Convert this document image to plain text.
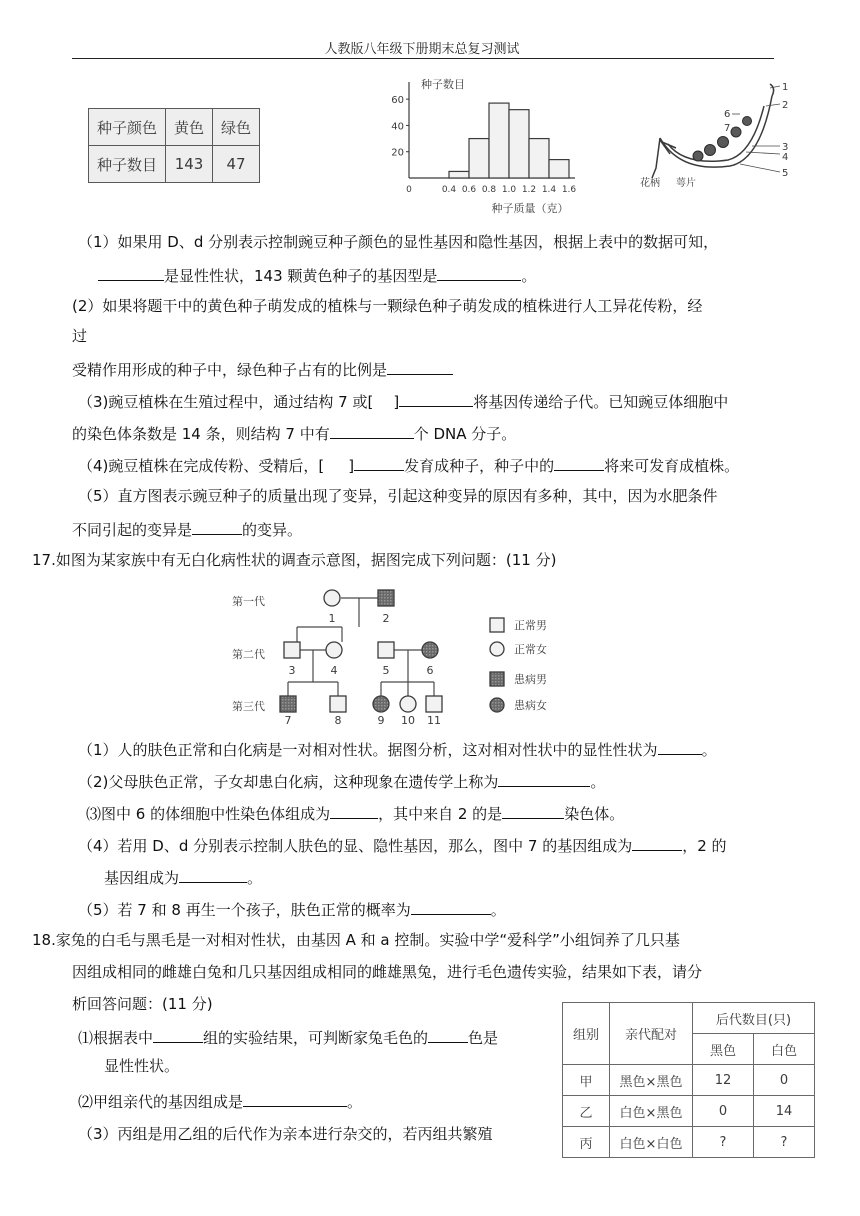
人教版八年级下册期末总复习测试
种子颜色	黄色	绿色
种子数目	143	47
种子数目
种子质量（克）
20
40
60
0	0.4 0.6 0.8 1.0 1.2 1.4 1.6
1
2
3
4
5
6
7
花柄 萼片
（1）如果用 D、d 分别表示控制豌豆种子颜色的显性基因和隐性基因，根据上表中的数据可知，
是显性性状，143 颗黄色种子的基因型是	。
(2）如果将题干中的黄色种子萌发成的植株与一颗绿色种子萌发成的植株进行人工异花传粉，经
过
受精作用形成的种子中，绿色种子占有的比例是
（3)豌豆植株在生殖过程中，通过结构 7 或[ ]	将基因传递给子代。已知豌豆体细胞中
的染色体条数是 14 条，则结构 7 中有	个 DNA 分子。
（4)豌豆植株在完成传粉、受精后，[ ]	发育成种子，种子中的	将来可发育成植株。
（5）直方图表示豌豆种子的质量出现了变异，引起这种变异的原因有多种，其中，因为水肥条件
不同引起的变异是	的变异。
17.如图为某家族中有无白化病性状的调查示意图，据图完成下列问题：(11 分)
第一代
第二代
第三代
1	2
3	4	5	6
7	8	9 10 11
正常男
正常女
患病男
患病女
（1）人的肤色正常和白化病是一对相对性状。据图分析，这对相对性状中的显性性状为	。
（2)父母肤色正常，子女却患白化病，这种现象在遗传学上称为	。
⑶图中 6 的体细胞中性染色体组成为	，其中来自 2 的是	染色体。
（4）若用 D、d 分别表示控制人肤色的显、隐性基因，那么，图中 7 的基因组成为	，2 的
基因组成为	。
（5）若 7 和 8 再生一个孩子，肤色正常的概率为	。
18.家兔的白毛与黑毛是一对相对性状，由基因 A 和 a 控制。实验中学“爱科学”小组饲养了几只基
因组成相同的雌雄白兔和几只基因组成相同的雌雄黑兔，进行毛色遗传实验，结果如下表，请分
析回答问题：(11 分)
⑴根据表中	组的实验结果，可判断家兔毛色的	色是
显性性状。
⑵甲组亲代的基因组成是	。
（3）丙组是用乙组的后代作为亲本进行杂交的，若丙组共繁殖
组别	亲代配对	后代数目(只)	
		黑色	白色
甲	黑色×黑色	12	0
乙	白色×黑色	0	14
丙	白色×白色	?	?
